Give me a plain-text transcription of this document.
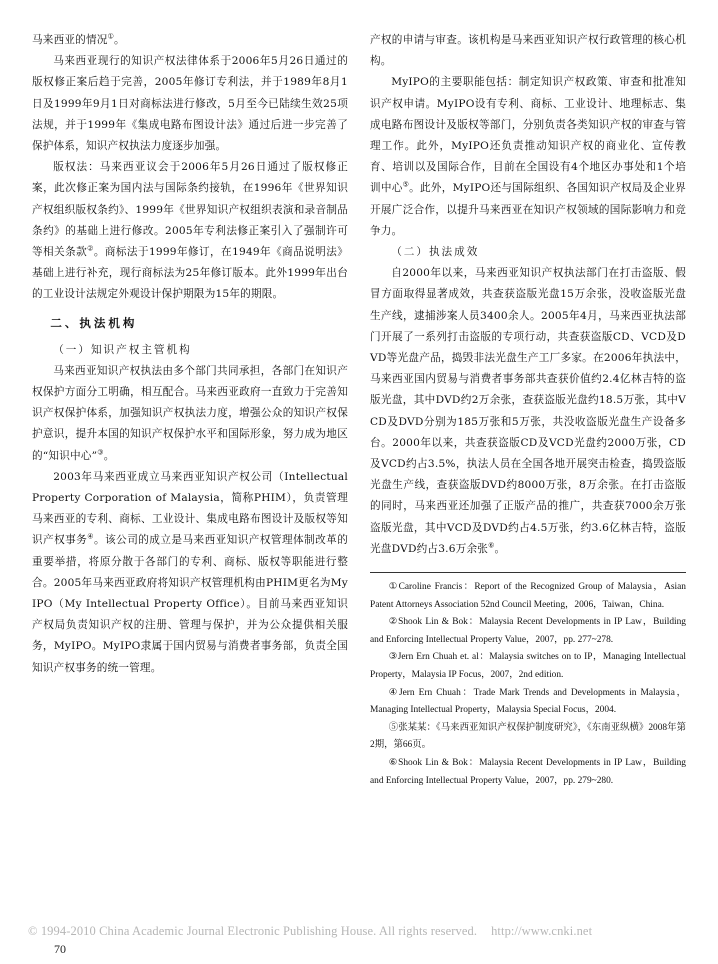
马来西亚的情况①。

马来西亚现行的知识产权法律体系于2006年5月26日通过的版权修正案后趋于完善，2005年修订专利法，并于1989年8月1日及1999年9月1日对商标法进行修改，5月至今已陆续生效25项法规，并于1999年《集成电路布图设计法》通过后进一步完善了保护体系，知识产权执法力度逐步加强。

版权法：马来西亚议会于2006年5月26日通过了版权修正案，此次修正案为国内法与国际条约接轨，在1996年《世界知识产权组织版权条约》、1999年《世界知识产权组织表演和录音制品条约》的基础上进行修改。2005年专利法修正案引入了强制许可等相关条款②。商标法于1999年修订，在1949年《商品说明法》基础上进行补充，现行商标法为25年修订版本。此外1999年出台的工业设计法规定外观设计保护期限为15年的期限。

二、执法机构

（一）知识产权主管机构

马来西亚知识产权执法由多个部门共同承担，各部门在知识产权保护方面分工明确，相互配合。马来西亚政府一直致力于完善知识产权保护体系，加强知识产权执法力度，增强公众的知识产权保护意识，提升本国的知识产权保护水平和国际形象，努力成为地区的“知识中心”③。

2003年马来西亚成立马来西亚知识产权公司（Intellectual Property Corporation of Malaysia，简称PHIM），负责管理马来西亚的专利、商标、工业设计、集成电路布图设计及版权等知识产权事务④。该公司的成立是马来西亚知识产权管理体制改革的重要举措，将原分散于各部门的专利、商标、版权等职能进行整合。2005年马来西亚政府将知识产权管理机构由PHIM更名为MyIPO（My Intellectual Property Office）。目前马来西亚知识产权局负责知识产权的注册、管理与保护，并为公众提供相关服务，MyIPO。MyIPO隶属于国内贸易与消费者事务部，负责全国知识产权事务的统一管理。

产权的申请与审查。该机构是马来西亚知识产权行政管理的核心机构。

MyIPO的主要职能包括：制定知识产权政策、审查和批准知识产权申请。MyIPO设有专利、商标、工业设计、地理标志、集成电路布图设计及版权等部门，分别负责各类知识产权的审查与管理工作。此外，MyIPO还负责推动知识产权的商业化、宣传教育、培训以及国际合作，目前在全国设有4个地区办事处和1个培训中心⑤。此外，MyIPO还与国际组织、各国知识产权局及企业界开展广泛合作，以提升马来西亚在知识产权领域的国际影响力和竞争力。

（二）执法成效

自2000年以来，马来西亚知识产权执法部门在打击盗版、假冒方面取得显著成效，共查获盗版光盘15万余张，没收盗版光盘生产线，逮捕涉案人员3400余人。2005年4月，马来西亚执法部门开展了一系列打击盗版的专项行动，共查获盗版CD、VCD及DVD等光盘产品，捣毁非法光盘生产工厂多家。在2006年执法中，马来西亚国内贸易与消费者事务部共查获价值约2.4亿林吉特的盗版光盘，其中DVD约2万余张，查获盗版光盘约18.5万张，其中VCD及DVD分别为185万张和5万张，共没收盗版光盘生产设备多台。2000年以来，共查获盗版CD及VCD光盘约2000万张，CD及VCD约占3.5%，执法人员在全国各地开展突击检查，捣毁盗版光盘生产线，查获盗版DVD约8000万张，8万余张。在打击盗版的同时，马来西亚还加强了正版产品的推广，共查获7000余万张盗版光盘，其中VCD及DVD约占4.5万张，约3.6亿林吉特，盗版光盘DVD约占3.6万余张⑥。

①Caroline Francis：Report of the Recognized Group of Malaysia，Asian Patent Attorneys Association 52nd Council Meeting，2006，Taiwan，China.

②Shook Lin & Bok：Malaysia Recent Developments in IP Law，Building and Enforcing Intellectual Property Value，2007，pp. 277~278.

③Jern Ern Chuah et. al：Malaysia switches on to IP，Managing Intellectual Property，Malaysia IP Focus，2007，2nd edition.

④Jern Ern Chuah：Trade Mark Trends and Developments in Malaysia，Managing Intellectual Property，Malaysia Special Focus，2004.

⑤张某某：《马来西亚知识产权保护制度研究》，《东南亚纵横》2008年第2期，第66页。

⑥Shook Lin & Bok：Malaysia Recent Developments in IP Law，Building and Enforcing Intellectual Property Value，2007，pp. 279~280.

© 1994-2010 China Academic Journal Electronic Publishing House. All rights reserved. http://www.cnki.net
70
